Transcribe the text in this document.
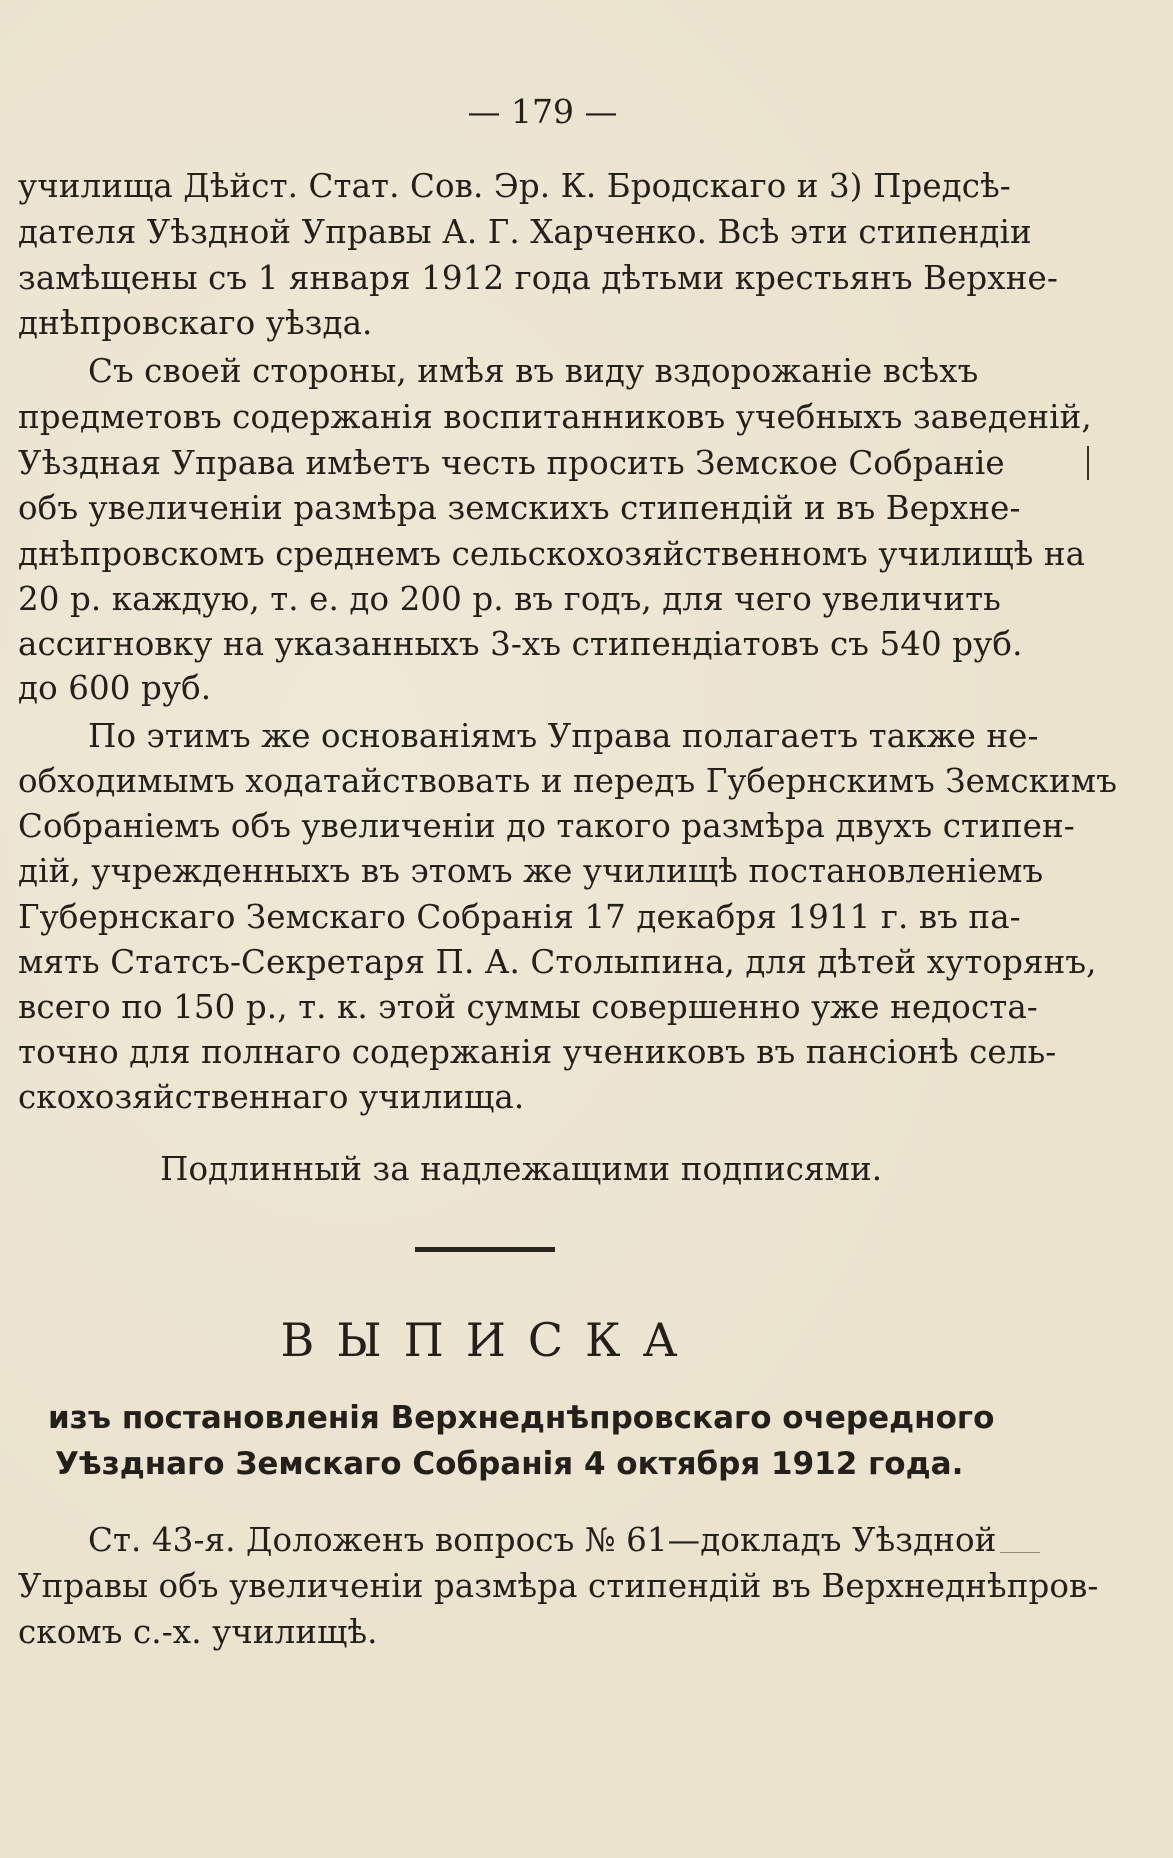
— 179 —
училища Дѣйст. Стат. Сов. Эр. К. Бродскаго и 3) Предсѣ-
дателя Уѣздной Управы А. Г. Харченко. Всѣ эти стипендіи
замѣщены съ 1 января 1912 года дѣтьми крестьянъ Верхне-
днѣпровскаго уѣзда.
Съ своей стороны, имѣя въ виду вздорожаніе всѣхъ
предметовъ содержанія воспитанниковъ учебныхъ заведеній,
Уѣздная Управа имѣетъ честь просить Земское Собраніе
объ увеличеніи размѣра земскихъ стипендій и въ Верхне-
днѣпровскомъ среднемъ сельскохозяйственномъ училищѣ на
20 р. каждую, т. е. до 200 р. въ годъ, для чего увеличить
ассигновку на указанныхъ 3-хъ стипендіатовъ съ 540 руб.
до 600 руб.
По этимъ же основаніямъ Управа полагаетъ также не-
обходимымъ ходатайствовать и передъ Губернскимъ Земскимъ
Собраніемъ объ увеличеніи до такого размѣра двухъ стипен-
дій, учрежденныхъ въ этомъ же училищѣ постановленіемъ
Губернскаго Земскаго Собранія 17 декабря 1911 г. въ па-
мять Статсъ-Секретаря П. А. Столыпина, для дѣтей хуторянъ,
всего по 150 р., т. к. этой суммы совершенно уже недоста-
точно для полнаго содержанія учениковъ въ пансіонѣ сель-
скохозяйственнаго училища.
Подлинный за надлежащими подписями.
ВЫПИСКА
изъ постановленія Верхнеднѣпровскаго очередного
Уѣзднаго Земскаго Собранія 4 октября 1912 года.
Ст. 43-я. Доложенъ вопросъ № 61—докладъ Уѣздной
Управы объ увеличеніи размѣра стипендій въ Верхнеднѣпров-
скомъ с.-х. училищѣ.
